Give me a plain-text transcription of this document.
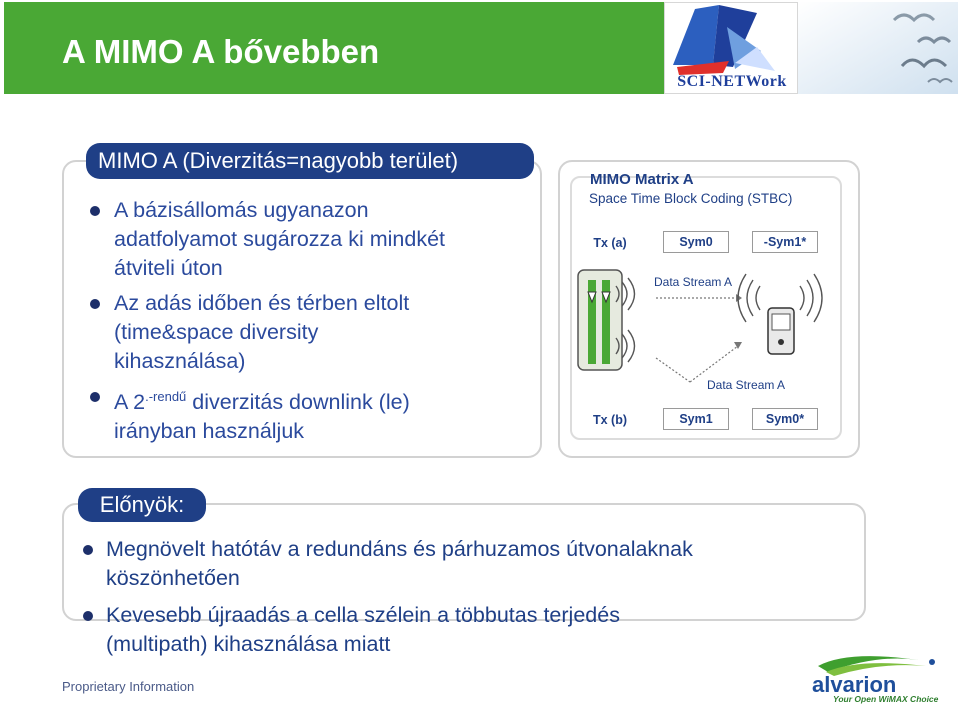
A MIMO A bővebben
SCI-NETWork
MIMO A (Diverzitás=nagyobb terület)
A bázisállomás ugyanazon
adatfolyamot sugározza ki mindkét
átviteli úton
Az adás időben és térben eltolt
(time&space diversity
kihasználása)
A $2^{.-rendű}$ diverzitás downlink (le)
irányban használjuk
MIMO Matrix A
Space Time Block Coding (STBC)
Tx (a)	Sym0	-Sym1*
Tx (b)	Sym1	Sym0*
Data Stream A
Data Stream A
Előnyök:
Megnövelt hatótáv a redundáns és párhuzamos útvonalaknak
köszönhetően
Kevesebb újraadás a cella szélein a többutas terjedés
(multipath) kihasználása miatt
Proprietary Information	alvarion
Your Open WiMAX Choice
